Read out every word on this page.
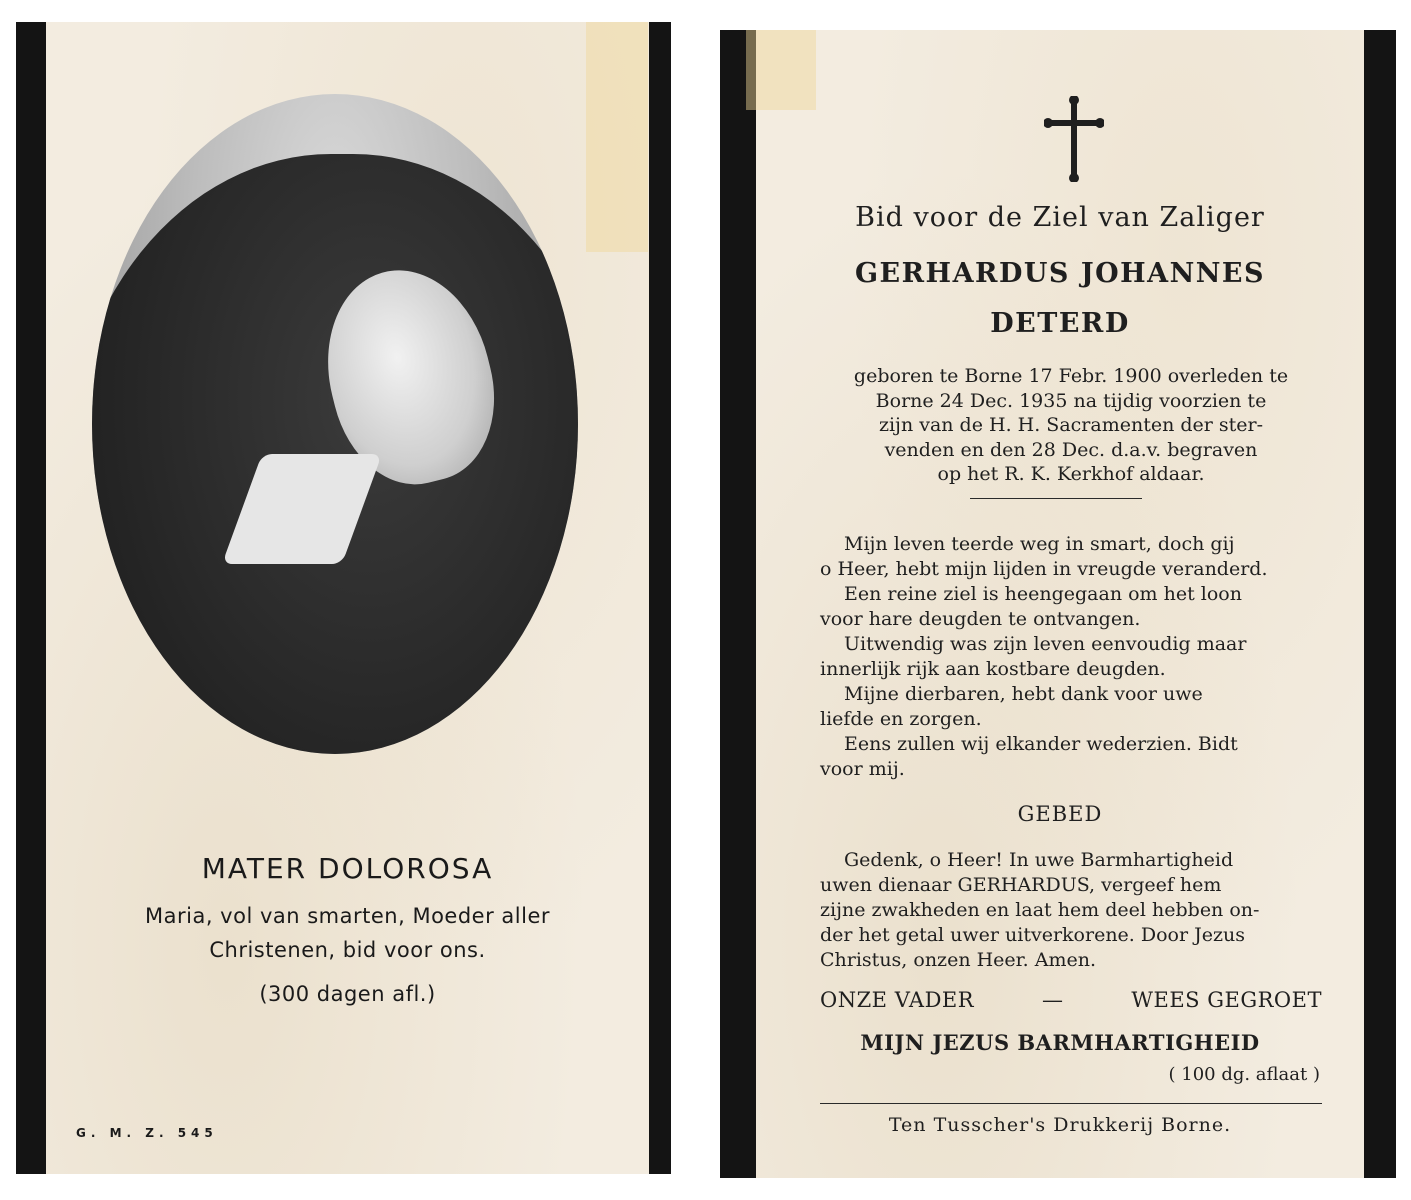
MATER DOLOROSA
Maria, vol van smarten, Moeder aller
Christenen, bid voor ons.
(300 dagen afl.)
G. M. Z. 545
Bid voor de Ziel van Zaliger
GERHARDUS JOHANNES
DETERD
geboren te Borne 17 Febr. 1900 overleden te
Borne 24 Dec. 1935 na tijdig voorzien te
zijn van de H. H. Sacramenten der ster-
venden en den 28 Dec. d.a.v. begraven
op het R. K. Kerkhof aldaar.
Mijn leven teerde weg in smart, doch gij
o Heer, hebt mijn lijden in vreugde veranderd.
Een reine ziel is heengegaan om het loon
voor hare deugden te ontvangen.
Uitwendig was zijn leven eenvoudig maar
innerlijk rijk aan kostbare deugden.
Mijne dierbaren, hebt dank voor uwe
liefde en zorgen.
Eens zullen wij elkander wederzien. Bidt
voor mij.
GEBED
Gedenk, o Heer! In uwe Barmhartigheid
uwen dienaar GERHARDUS, vergeef hem
zijne zwakheden en laat hem deel hebben on-
der het getal uwer uitverkorene. Door Jezus
Christus, onzen Heer. Amen.
ONZE VADER	—	WEES GEGROET
MIJN JEZUS BARMHARTIGHEID
( 100 dg. aflaat )
Ten Tusscher's Drukkerij Borne.
